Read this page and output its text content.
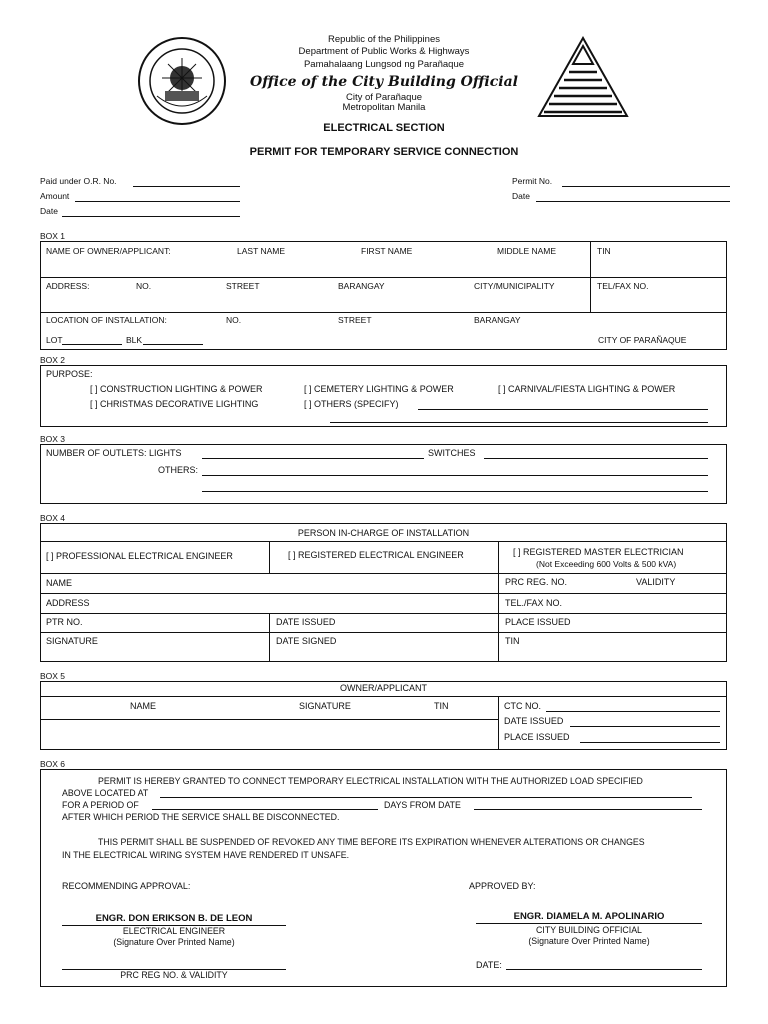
Republic of the Philippines
Department of Public Works & Highways
Pamahalaang Lungsod ng Parañaque
Office of the City Building Official
City of Parañaque
Metropolitan Manila
ELECTRICAL SECTION
PERMIT FOR TEMPORARY SERVICE CONNECTION
Paid under O.R. No.
Amount
Date
Permit No.
Date
BOX 1
NAME OF OWNER/APPLICANT:	LAST NAME	FIRST NAME	MIDDLE NAME	TIN
ADDRESS:	NO.	STREET	BARANGAY	CITY/MUNICIPALITY	TEL/FAX NO.
LOCATION OF INSTALLATION:	NO.	STREET	BARANGAY
LOT	BLK	CITY OF PARAÑAQUE
BOX 2
PURPOSE:
[ ] CONSTRUCTION LIGHTING & POWER	[ ] CEMETERY LIGHTING & POWER	[ ] CARNIVAL/FIESTA LIGHTING & POWER
[ ] CHRISTMAS DECORATIVE LIGHTING	[ ] OTHERS (SPECIFY)
BOX 3
NUMBER OF OUTLETS: LIGHTS	SWITCHES
OTHERS:
BOX 4
PERSON IN-CHARGE OF INSTALLATION
[ ] PROFESSIONAL ELECTRICAL ENGINEER	[ ] REGISTERED ELECTRICAL ENGINEER	[ ] REGISTERED MASTER ELECTRICIAN
(Not Exceeding 600 Volts & 500 kVA)
NAME	PRC REG. NO.	VALIDITY
ADDRESS	TEL./FAX NO.
PTR NO.	DATE ISSUED	PLACE ISSUED
SIGNATURE	DATE SIGNED	TIN
BOX 5
OWNER/APPLICANT
NAME	SIGNATURE	TIN	CTC NO.
DATE ISSUED
PLACE ISSUED
BOX 6
PERMIT IS HEREBY GRANTED TO CONNECT TEMPORARY ELECTRICAL INSTALLATION WITH THE AUTHORIZED LOAD SPECIFIED
ABOVE LOCATED AT
FOR A PERIOD OF	DAYS FROM DATE
AFTER WHICH PERIOD THE SERVICE SHALL BE DISCONNECTED.
THIS PERMIT SHALL BE SUSPENDED OF REVOKED ANY TIME BEFORE ITS EXPIRATION WHENEVER ALTERATIONS OR CHANGES
IN THE ELECTRICAL WIRING SYSTEM HAVE RENDERED IT UNSAFE.
RECOMMENDING APPROVAL:	APPROVED BY:
ENGR. DON ERIKSON B. DE LEON
ELECTRICAL ENGINEER
(Signature Over Printed Name)
ENGR. DIAMELA M. APOLINARIO
CITY BUILDING OFFICIAL
(Signature Over Printed Name)
PRC REG NO. & VALIDITY
DATE:
